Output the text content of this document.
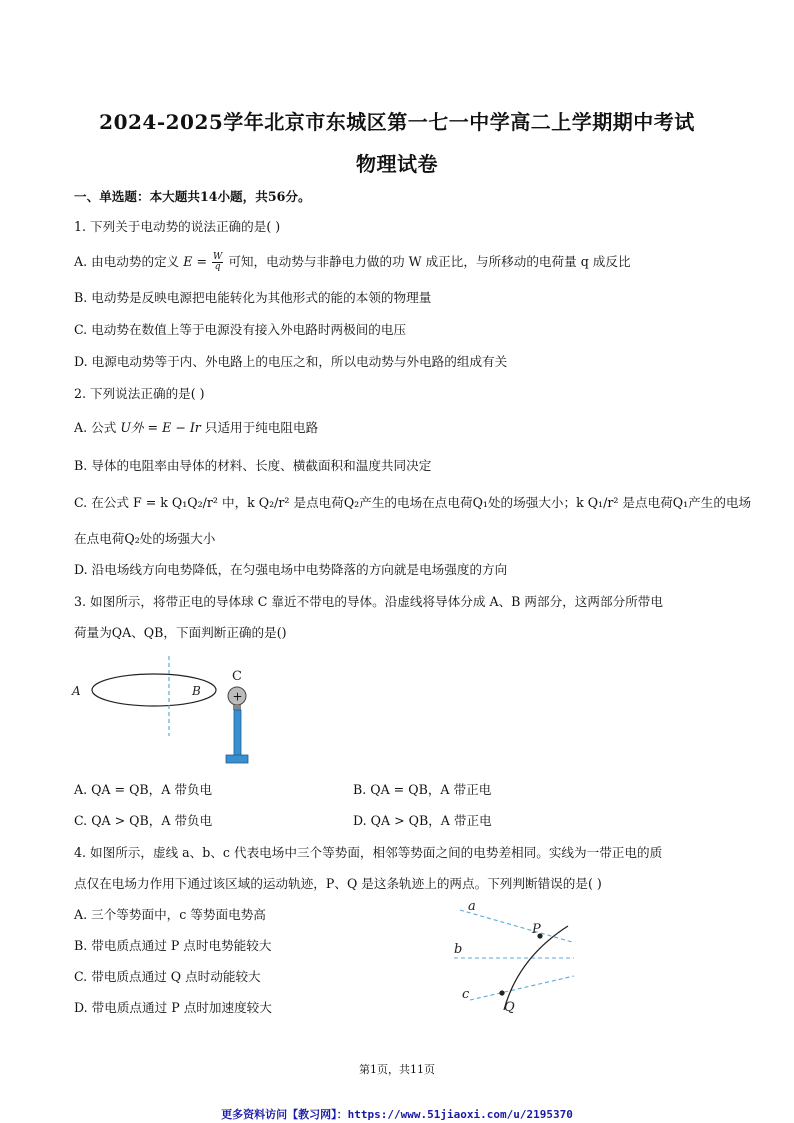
2024-2025学年北京市东城区第一七一中学高二上学期期中考试
物理试卷
一、单选题：本大题共14小题，共56分。
1. 下列关于电动势的说法正确的是( )
A. 由电动势的定义 $E = \frac{W}{q}$ 可知，电动势与非静电力做的功 W 成正比，与所移动的电荷量 q 成反比
B. 电动势是反映电源把电能转化为其他形式的能的本领的物理量
C. 电动势在数值上等于电源没有接入外电路时两极间的电压
D. 电源电动势等于内、外电路上的电压之和，所以电动势与外电路的组成有关
2. 下列说法正确的是( )
A. 公式 U外 = E − Ir 只适用于纯电阻电路
B. 导体的电阻率由导体的材料、长度、横截面积和温度共同决定
C. 在公式 F = k Q₁Q₂/r² 中，k Q₂/r² 是点电荷Q₂产生的电场在点电荷Q₁处的场强大小；k Q₁/r² 是点电荷Q₁产生的电场
在点电荷Q₂处的场强大小
D. 沿电场线方向电势降低，在匀强电场中电势降落的方向就是电场强度的方向
3. 如图所示，将带正电的导体球 C 靠近不带电的导体。沿虚线将导体分成 A、B 两部分，这两部分所带电
荷量为QA、QB，下面判断正确的是()
A	B
C
+
A. QA = QB，A 带负电	B. QA = QB，A 带正电
C. QA > QB，A 带负电	D. QA > QB，A 带正电
4. 如图所示，虚线 a、b、c 代表电场中三个等势面，相邻等势面之间的电势差相同。实线为一带正电的质
点仅在电场力作用下通过该区域的运动轨迹，P、Q 是这条轨迹上的两点。下列判断错误的是( )
A. 三个等势面中，c 等势面电势高
B. 带电质点通过 P 点时电势能较大
C. 带电质点通过 Q 点时动能较大
D. 带电质点通过 P 点时加速度较大
a
b
c
P
Q
第1页，共11页
更多资料访问【教习网】：https://www.51jiaoxi.com/u/2195370
